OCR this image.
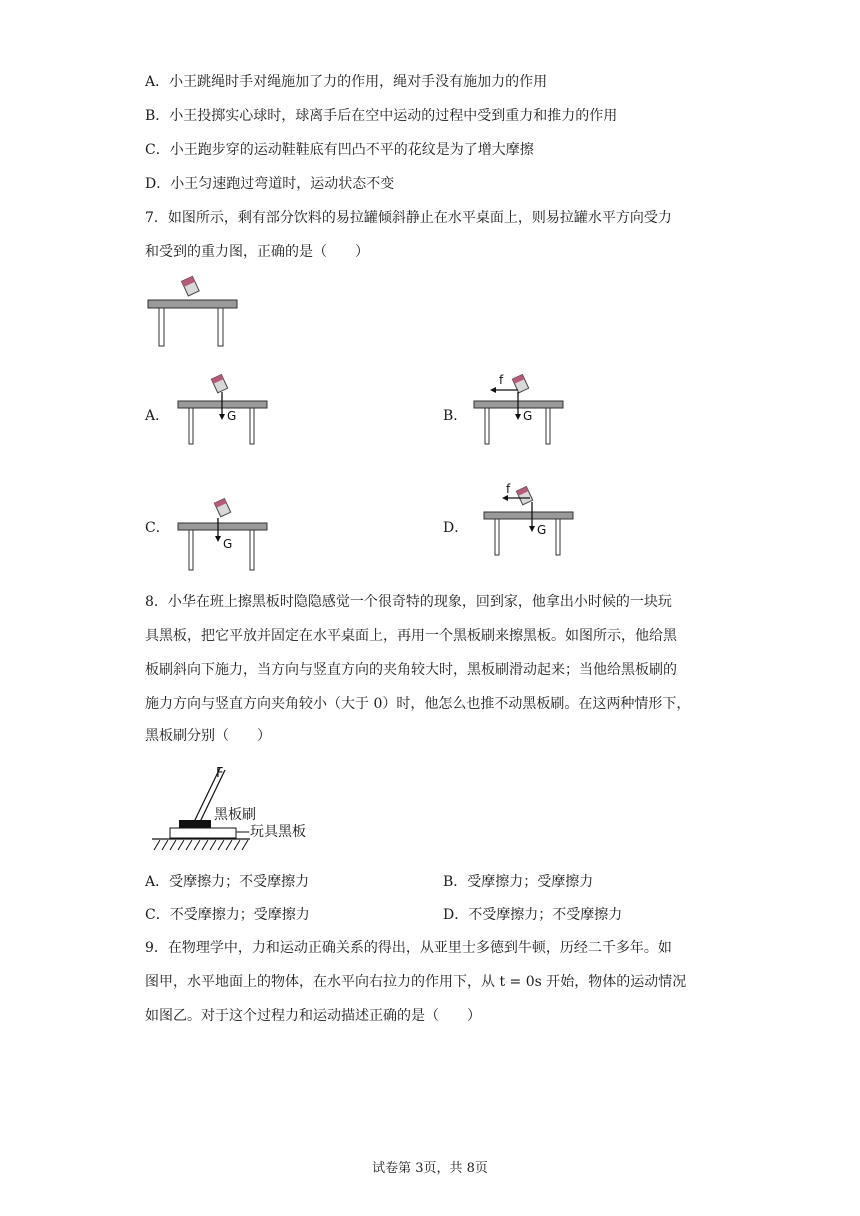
A．小王跳绳时手对绳施加了力的作用，绳对手没有施加力的作用
B．小王投掷实心球时，球离手后在空中运动的过程中受到重力和推力的作用
C．小王跑步穿的运动鞋鞋底有凹凸不平的花纹是为了增大摩擦
D．小王匀速跑过弯道时，运动状态不变
7．如图所示，剩有部分饮料的易拉罐倾斜静止在水平桌面上，则易拉罐水平方向受力
和受到的重力图，正确的是（　　）
A．	B．
C．	D．
G
f
G
G
f
G
8．小华在班上擦黑板时隐隐感觉一个很奇特的现象，回到家，他拿出小时候的一块玩
具黑板，把它平放并固定在水平桌面上，再用一个黑板刷来擦黑板。如图所示，他给黑
板刷斜向下施力，当方向与竖直方向的夹角较大时，黑板刷滑动起来；当他给黑板刷的
施力方向与竖直方向夹角较小（大于 0）时，他怎么也推不动黑板刷。在这两种情形下，
黑板刷分别（　　）
F
黑板刷
—玩具黑板
A．受摩擦力；不受摩擦力	B．受摩擦力；受摩擦力
C．不受摩擦力；受摩擦力	D．不受摩擦力；不受摩擦力
9．在物理学中，力和运动正确关系的得出，从亚里士多德到牛顿，历经二千多年。如
图甲，水平地面上的物体，在水平向右拉力的作用下，从 t = 0s 开始，物体的运动情况
如图乙。对于这个过程力和运动描述正确的是（　　）
试卷第 3页，共 8页
